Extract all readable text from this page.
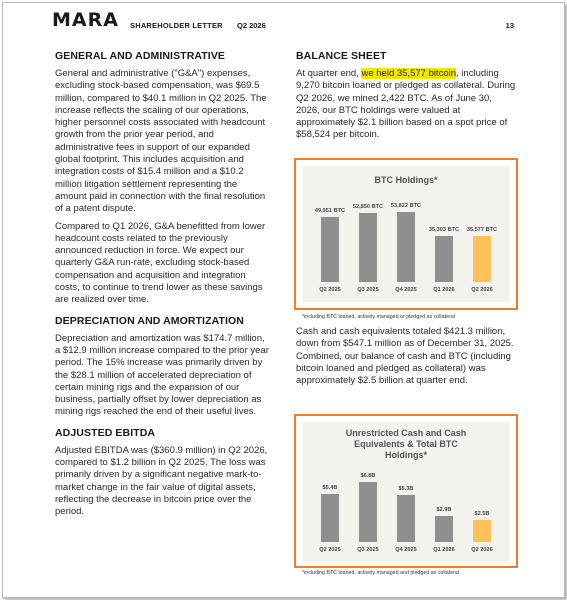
MARA SHAREHOLDER LETTER Q2 2026	13
GENERAL AND ADMINISTRATIVE

General and administrative ("G&A") expenses, excluding stock-based compensation, was $69.5 million, compared to $40.1 million in Q2 2025. The increase reflects the scaling of our operations, higher personnel costs associated with headcount growth from the prior year period, and administrative fees in support of our expanded global footprint. This includes acquisition and integration costs of $15.4 million and a $10.2 million litigation settlement representing the amount paid in connection with the final resolution of a patent dispute.

Compared to Q1 2026, G&A benefitted from lower headcount costs related to the previously announced reduction in force. We expect our quarterly G&A run-rate, excluding stock-based compensation and acquisition and integration costs, to continue to trend lower as these savings are realized over time.

DEPRECIATION AND AMORTIZATION

Depreciation and amortization was $174.7 million, a $12.9 million increase compared to the prior year period. The 15% increase was primarily driven by the $28.1 million of accelerated depreciation of certain mining rigs and the expansion of our business, partially offset by lower depreciation as mining rigs reached the end of their useful lives.

ADJUSTED EBITDA

Adjusted EBITDA was ($360.9 million) in Q2 2026, compared to $1.2 billion in Q2 2025. The loss was primarily driven by a significant negative mark-to-market change in the fair value of digital assets, reflecting the decrease in bitcoin price over the period.

BALANCE SHEET

At quarter end, we held 35,577 bitcoin, including 9,270 bitcoin loaned or pledged as collateral. During Q2 2026, we mined 2,422 BTC. As of June 30, 2026, our BTC holdings were valued at approximately $2.1 billion based on a spot price of $58,524 per bitcoin.

BTC Holdings*
49,951 BTC
Q2 2025
52,850 BTC
Q3 2025
53,822 BTC
Q4 2025
35,303 BTC
Q1 2026
35,577 BTC
Q2 2026
*including BTC loaned, actively managed or pledged as collateral

Cash and cash equivalents totaled $421.3 million, down from $547.1 million as of December 31, 2025. Combined, our balance of cash and BTC (including bitcoin loaned and pledged as collateral) was approximately $2.5 billion at quarter end.

Unrestricted Cash and Cash Equivalents & Total BTC Holdings*
$5.4B
Q2 2025
$6.8B
Q3 2025
$5.3B
Q4 2025
$2.9B
Q1 2026
$2.5B
Q2 2026
*including BTC loaned, actively managed and pledged as collateral
